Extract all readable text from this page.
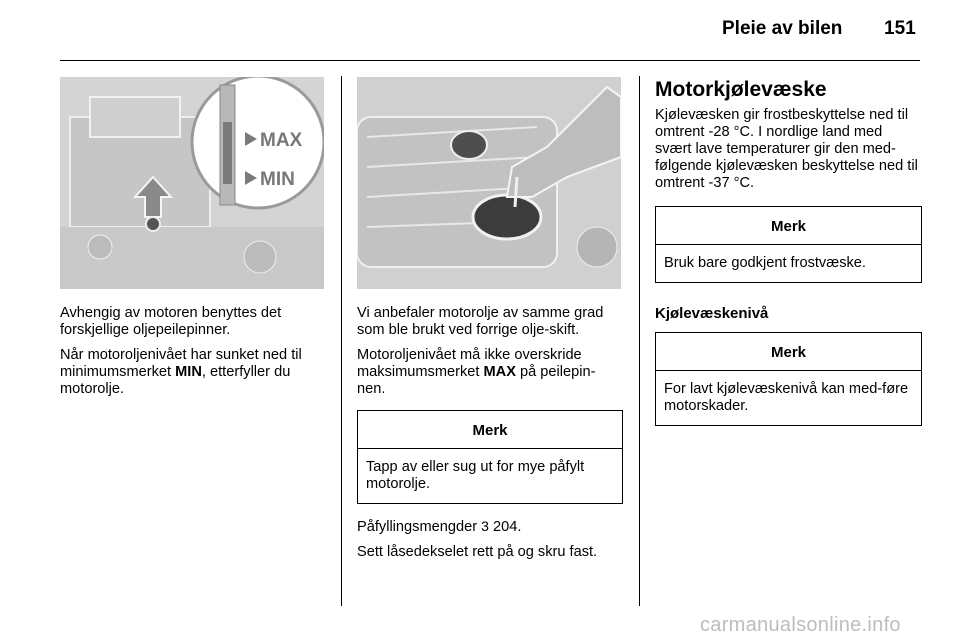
Pleie av bilen 151
MAX
MIN

Avhengig av motoren benyttes det forskjellige oljepeilepinner.

Når motoroljenivået har sunket ned til minimumsmerket MIN, etterfyller du motorolje.

Vi anbefaler motorolje av samme grad som ble brukt ved forrige olje-skift.

Motoroljenivået må ikke overskride maksimumsmerket MAX på peilepin-nen.

Merk
Tapp av eller sug ut for mye påfylt motorolje.

Påfyllingsmengder 3 204.

Sett låsedekselet rett på og skru fast.

Motorkjølevæske

Kjølevæsken gir frostbeskyttelse ned til omtrent -28 °C. I nordlige land med svært lave temperaturer gir den med-følgende kjølevæsken beskyttelse ned til omtrent -37 °C.

Merk
Bruk bare godkjent frostvæske.
Kjølevæskenivå
Merk
For lavt kjølevæskenivå kan med-føre motorskader.
carmanualsonline.info
